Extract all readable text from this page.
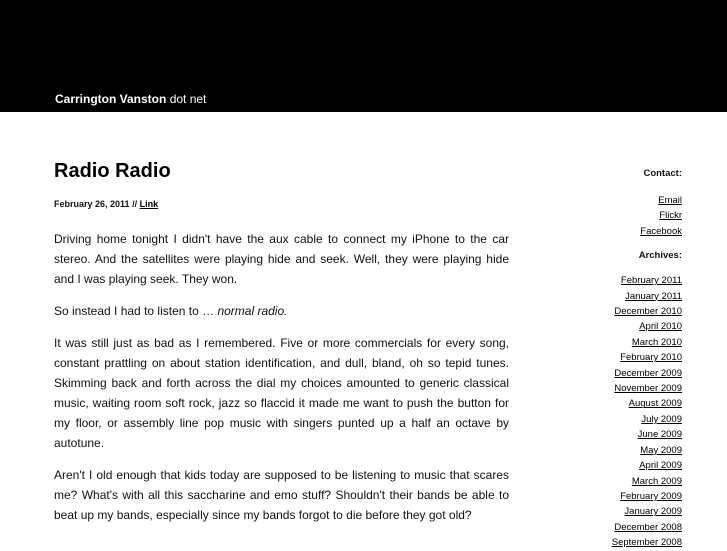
Carrington Vanston dot net
Radio Radio
February 26, 2011 // Link

Driving home tonight I didn't have the aux cable to connect my iPhone to the car stereo. And the satellites were playing hide and seek. Well, they were playing hide and I was playing seek. They won.

So instead I had to listen to … normal radio.

It was still just as bad as I remembered. Five or more commercials for every song, constant prattling on about station identification, and dull, bland, oh so tepid tunes. Skimming back and forth across the dial my choices amounted to generic classical music, waiting room soft rock, jazz so flaccid it made me want to push the button for my floor, or assembly line pop music with singers punted up a half an octave by autotune.

Aren't I old enough that kids today are supposed to be listening to music that scares me? What's with all this saccharine and emo stuff? Shouldn't their bands be able to beat up my bands, especially since my bands forgot to die before they got old?

Contact:
Email
Flickr
Facebook
Archives:
February 2011
January 2011
December 2010
April 2010
March 2010
February 2010
December 2009
November 2009
August 2009
July 2009
June 2009
May 2009
April 2009
March 2009
February 2009
January 2009
December 2008
September 2008
